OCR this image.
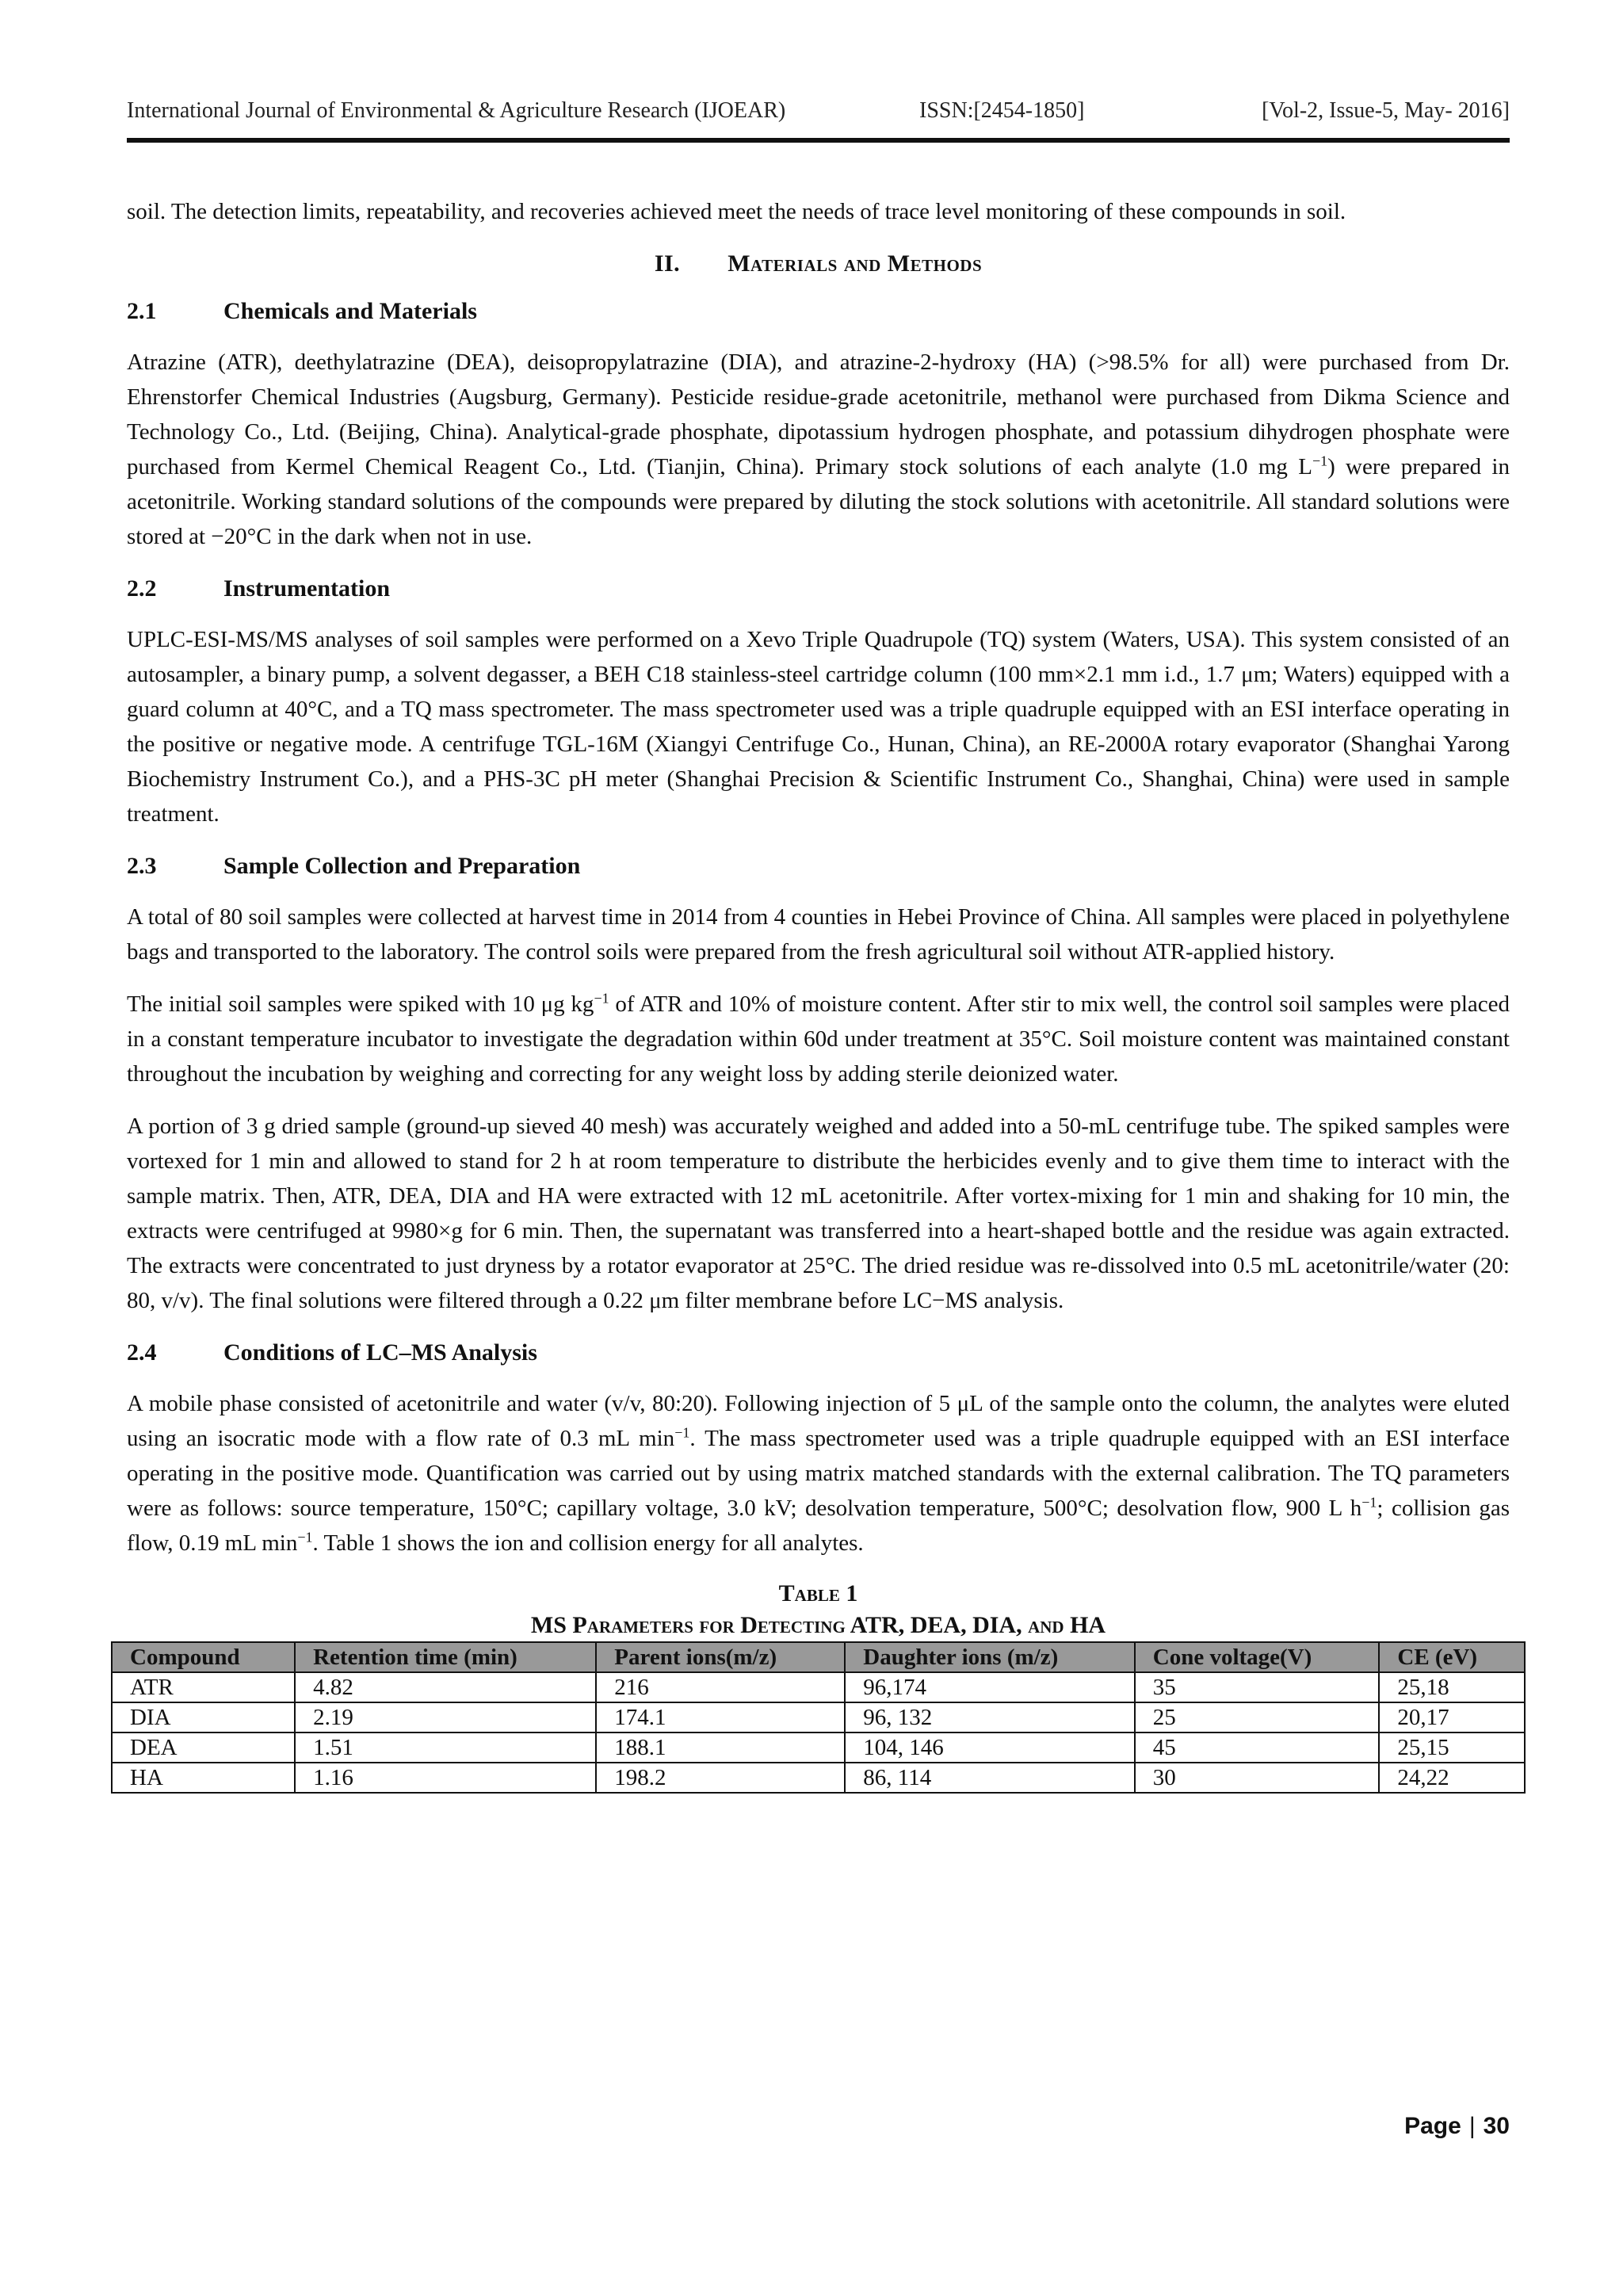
International Journal of Environmental & Agriculture Research (IJOEAR)	ISSN:[2454-1850]	[Vol-2, Issue-5, May- 2016]

soil. The detection limits, repeatability, and recoveries achieved meet the needs of trace level monitoring of these compounds in soil.

II. Materials and Methods
2.1	Chemicals and Materials

Atrazine (ATR), deethylatrazine (DEA), deisopropylatrazine (DIA), and atrazine-2-hydroxy (HA) (>98.5% for all) were purchased from Dr. Ehrenstorfer Chemical Industries (Augsburg, Germany). Pesticide residue-grade acetonitrile, methanol were purchased from Dikma Science and Technology Co., Ltd. (Beijing, China). Analytical-grade phosphate, dipotassium hydrogen phosphate, and potassium dihydrogen phosphate were purchased from Kermel Chemical Reagent Co., Ltd. (Tianjin, China). Primary stock solutions of each analyte (1.0 mg $L^{-1}$) were prepared in acetonitrile. Working standard solutions of the compounds were prepared by diluting the stock solutions with acetonitrile. All standard solutions were stored at −20°C in the dark when not in use.

2.2	Instrumentation

UPLC-ESI-MS/MS analyses of soil samples were performed on a Xevo Triple Quadrupole (TQ) system (Waters, USA). This system consisted of an autosampler, a binary pump, a solvent degasser, a BEH C18 stainless-steel cartridge column (100 mm×2.1 mm i.d., 1.7 μm; Waters) equipped with a guard column at 40°C, and a TQ mass spectrometer. The mass spectrometer used was a triple quadruple equipped with an ESI interface operating in the positive or negative mode. A centrifuge TGL-16M (Xiangyi Centrifuge Co., Hunan, China), an RE-2000A rotary evaporator (Shanghai Yarong Biochemistry Instrument Co.), and a PHS-3C pH meter (Shanghai Precision & Scientific Instrument Co., Shanghai, China) were used in sample treatment.

2.3	Sample Collection and Preparation

A total of 80 soil samples were collected at harvest time in 2014 from 4 counties in Hebei Province of China. All samples were placed in polyethylene bags and transported to the laboratory. The control soils were prepared from the fresh agricultural soil without ATR-applied history.

The initial soil samples were spiked with 10 μg $kg^{-1}$ of ATR and 10% of moisture content. After stir to mix well, the control soil samples were placed in a constant temperature incubator to investigate the degradation within 60d under treatment at 35°C. Soil moisture content was maintained constant throughout the incubation by weighing and correcting for any weight loss by adding sterile deionized water.

A portion of 3 g dried sample (ground-up sieved 40 mesh) was accurately weighed and added into a 50-mL centrifuge tube. The spiked samples were vortexed for 1 min and allowed to stand for 2 h at room temperature to distribute the herbicides evenly and to give them time to interact with the sample matrix. Then, ATR, DEA, DIA and HA were extracted with 12 mL acetonitrile. After vortex-mixing for 1 min and shaking for 10 min, the extracts were centrifuged at 9980×g for 6 min. Then, the supernatant was transferred into a heart-shaped bottle and the residue was again extracted. The extracts were concentrated to just dryness by a rotator evaporator at 25°C. The dried residue was re-dissolved into 0.5 mL acetonitrile/water (20: 80, v/v). The final solutions were filtered through a 0.22 μm filter membrane before LC−MS analysis.

2.4	Conditions of LC–MS Analysis

A mobile phase consisted of acetonitrile and water (v/v, 80:20). Following injection of 5 μL of the sample onto the column, the analytes were eluted using an isocratic mode with a flow rate of 0.3 mL $\min^{-1}$. The mass spectrometer used was a triple quadruple equipped with an ESI interface operating in the positive mode. Quantification was carried out by using matrix matched standards with the external calibration. The TQ parameters were as follows: source temperature, 150°C; capillary voltage, 3.0 kV; desolvation temperature, 500°C; desolvation flow, 900 L $h^{-1}$; collision gas flow, 0.19 mL $\min^{-1}$. Table 1 shows the ion and collision energy for all analytes.

Table 1
MS Parameters for Detecting ATR, DEA, DIA, and HA
Compound	Retention time (min)	Parent ions(m/z)	Daughter ions (m/z)	Cone voltage(V)	CE (eV)
ATR	4.82	216	96,174	35	25,18
DIA	2.19	174.1	96, 132	25	20,17
DEA	1.51	188.1	104, 146	45	25,15
HA	1.16	198.2	86, 114	30	24,22
Page | 30
